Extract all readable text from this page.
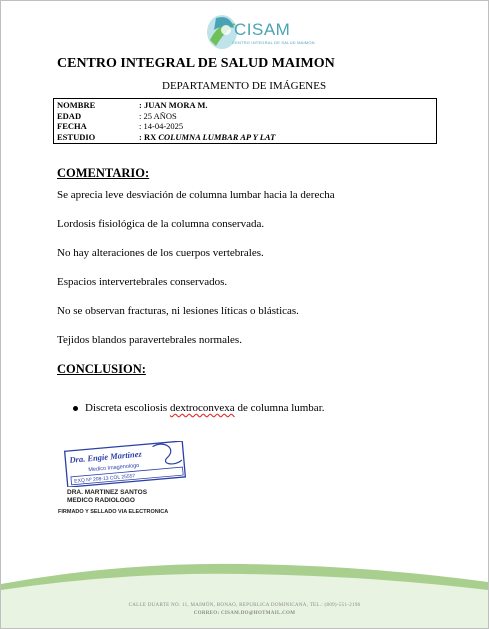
CISAM
CENTRO INTEGRAL DE SALUD MAIMON
CENTRO INTEGRAL DE SALUD MAIMON
DEPARTAMENTO DE IMÁGENES
NOMBRE	: JUAN MORA M.
EDAD	: 25 AÑOS
FECHA	: 14-04-2025
ESTUDIO	: RX COLUMNA LUMBAR AP Y LAT
COMENTARIO:
Se aprecia leve desviación de columna lumbar hacia la derecha
Lordosis fisiológica de la columna conservada.
No hay alteraciones de los cuerpos vertebrales.
Espacios intervertebrales conservados.
No se observan fracturas, ni lesiones líticas o blásticas.
Tejidos blandos paravertebrales normales.
CONCLUSION:
Discreta escoliosis dextroconvexa de columna lumbar.
Dra. Engie Martinez
Medico Imagenologo
EXQ Nº 208-13 COL 25557
DRA. MARTINEZ SANTOS
MEDICO RADIOLOGO
FIRMADO Y SELLADO VIA ELECTRONICA
CALLE DUARTE NO. 11, MAIMÓN, BONAO, REPUBLICA DOMINICANA, TEL.: (809)-551-2196
CORREO: CISAM.DO@HOTMAIL.COM
